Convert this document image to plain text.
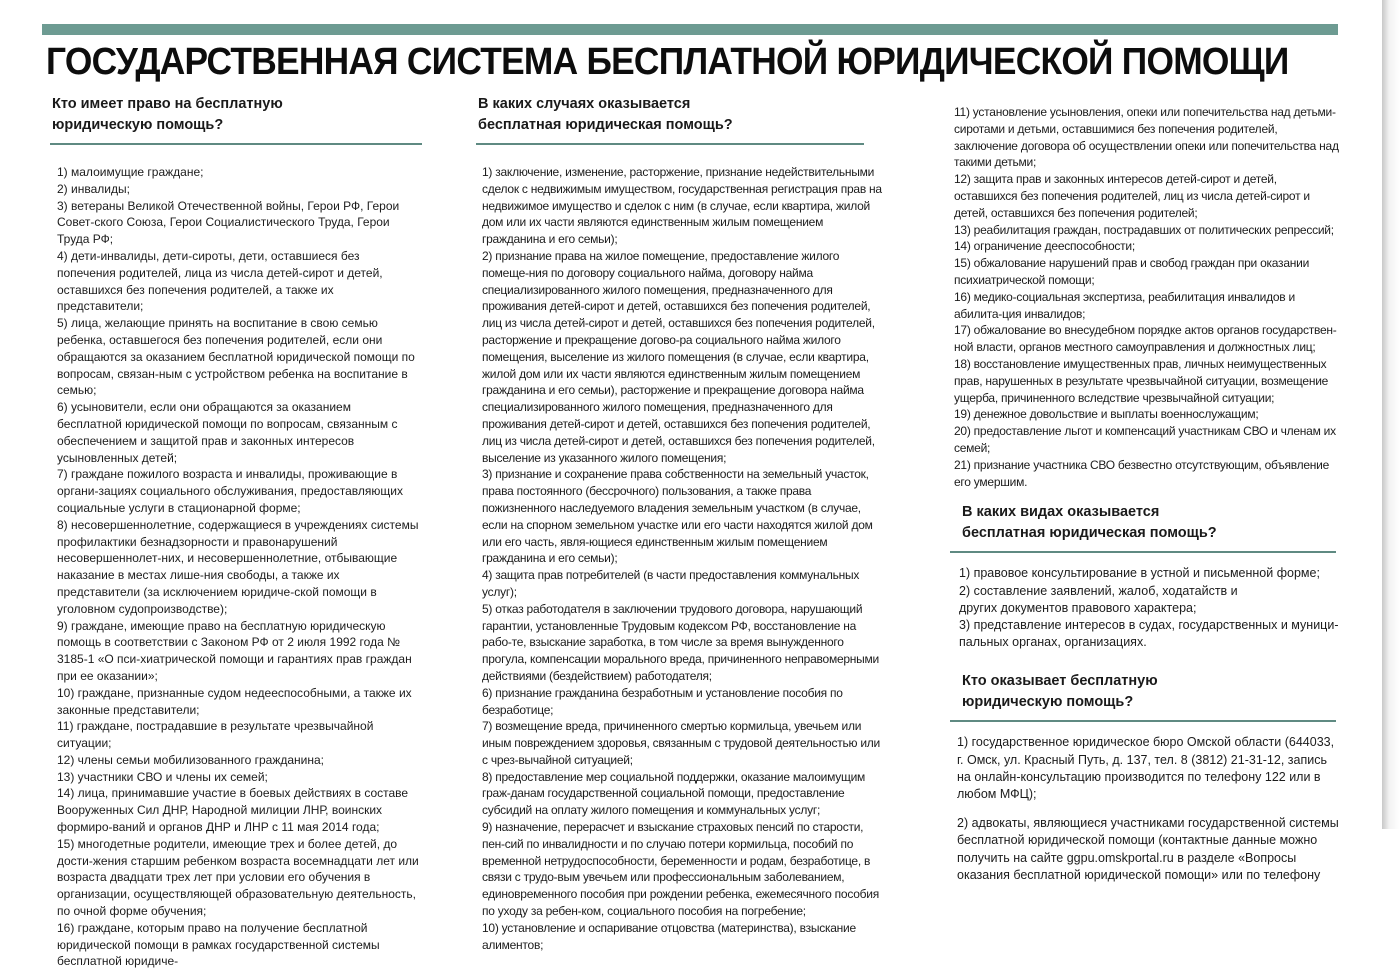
ГОСУДАРСТВЕННАЯ СИСТЕМА БЕСПЛАТНОЙ ЮРИДИЧЕСКОЙ ПОМОЩИ
Кто имеет право на бесплатную
юридическую помощь?
1) малоимущие граждане;
2) инвалиды;
3) ветераны Великой Отечественной войны, Герои РФ, Герои Совет-ского Союза, Герои Социалистического Труда, Герои Труда РФ;
4) дети-инвалиды, дети-сироты, дети, оставшиеся без попечения родителей, лица из числа детей-сирот и детей, оставшихся без попечения родителей, а также их представители;
5) лица, желающие принять на воспитание в свою семью ребенка, оставшегося без попечения родителей, если они обращаются за оказанием бесплатной юридической помощи по вопросам, связан-ным с устройством ребенка на воспитание в семью;
6) усыновители, если они обращаются за оказанием бесплатной юридической помощи по вопросам, связанным с обеспечением и защитой прав и законных интересов усыновленных детей;
7) граждане пожилого возраста и инвалиды, проживающие в органи-зациях социального обслуживания, предоставляющих социальные услуги в стационарной форме;
8) несовершеннолетние, содержащиеся в учреждениях системы профилактики безнадзорности и правонарушений несовершеннолет-них, и несовершеннолетние, отбывающие наказание в местах лише-ния свободы, а также их представители (за исключением юридиче-ской помощи в уголовном судопроизводстве);
9) граждане, имеющие право на бесплатную юридическую помощь в соответствии с Законом РФ от 2 июля 1992 года № 3185-1 «О пси-хиатрической помощи и гарантиях прав граждан при ее оказании»;
10) граждане, признанные судом недееспособными, а также их законные представители;
11) граждане, пострадавшие в результате чрезвычайной ситуации;
12) члены семьи мобилизованного гражданина;
13) участники СВО и члены их семей;
14) лица, принимавшие участие в боевых действиях в составе Вооруженных Сил ДНР, Народной милиции ЛНР, воинских формиро-ваний и органов ДНР и ЛНР с 11 мая 2014 года;
15) многодетные родители, имеющие трех и более детей, до дости-жения старшим ребенком возраста восемнадцати лет или возраста двадцати трех лет при условии его обучения в организации, осуществляющей образовательную деятельность, по очной форме обучения;
16) граждане, которым право на получение бесплатной юридической помощи в рамках государственной системы бесплатной юридиче-
В каких случаях оказывается
бесплатная юридическая помощь?
1) заключение, изменение, расторжение, признание недействительными сделок с недвижимым имуществом, государственная регистрация прав на недвижимое имущество и сделок с ним (в случае, если квартира, жилой дом или их части являются единственным жилым помещением гражданина и его семьи);
2) признание права на жилое помещение, предоставление жилого помеще-ния по договору социального найма, договору найма специализированного жилого помещения, предназначенного для проживания детей-сирот и детей, оставшихся без попечения родителей, лиц из числа детей-сирот и детей, оставшихся без попечения родителей, расторжение и прекращение догово-ра социального найма жилого помещения, выселение из жилого помещения (в случае, если квартира, жилой дом или их части являются единственным жилым помещением гражданина и его семьи), расторжение и прекращение договора найма специализированного жилого помещения, предназначенного для проживания детей-сирот и детей, оставшихся без попечения родителей, лиц из числа детей-сирот и детей, оставшихся без попечения родителей, выселение из указанного жилого помещения;
3) признание и сохранение права собственности на земельный участок, права постоянного (бессрочного) пользования, а также права пожизненного наследуемого владения земельным участком (в случае, если на спорном земельном участке или его части находятся жилой дом или его часть, явля-ющиеся единственным жилым помещением гражданина и его семьи);
4) защита прав потребителей (в части предоставления коммунальных услуг);
5) отказ работодателя в заключении трудового договора, нарушающий гарантии, установленные Трудовым кодексом РФ, восстановление на рабо-те, взыскание заработка, в том числе за время вынужденного прогула, компенсации морального вреда, причиненного неправомерными действиями (бездействием) работодателя;
6) признание гражданина безработным и установление пособия по безработице;
7) возмещение вреда, причиненного смертью кормильца, увечьем или иным повреждением здоровья, связанным с трудовой деятельностью или с чрез-вычайной ситуацией;
8) предоставление мер социальной поддержки, оказание малоимущим граж-данам государственной социальной помощи, предоставление субсидий на оплату жилого помещения и коммунальных услуг;
9) назначение, перерасчет и взыскание страховых пенсий по старости, пен-сий по инвалидности и по случаю потери кормильца, пособий по временной нетрудоспособности, беременности и родам, безработице, в связи с трудо-вым увечьем или профессиональным заболеванием, единовременного пособия при рождении ребенка, ежемесячного пособия по уходу за ребен-ком, социального пособия на погребение;
10) установление и оспаривание отцовства (материнства), взыскание алиментов;
11) установление усыновления, опеки или попечительства над детьми-сиротами и детьми, оставшимися без попечения родителей, заключение договора об осуществлении опеки или попечительства над
такими детьми;
12) защита прав и законных интересов детей-сирот и детей, оставшихся без попечения родителей, лиц из числа детей-сирот и детей, оставшихся без попечения родителей;
13) реабилитация граждан, пострадавших от политических репрессий;
14) ограничение дееспособности;
15) обжалование нарушений прав и свобод граждан при оказании психиатрической помощи;
16) медико-социальная экспертиза, реабилитация инвалидов и абилита-ция инвалидов;
17) обжалование во внесудебном порядке актов органов государствен-ной власти, органов местного самоуправления и должностных лиц;
18) восстановление имущественных прав, личных неимущественных прав, нарушенных в результате чрезвычайной ситуации, возмещение ущерба, причиненного вследствие чрезвычайной ситуации;
19) денежное довольствие и выплаты военнослужащим;
20) предоставление льгот и компенсаций участникам СВО и членам их семей;
21) признание участника СВО безвестно отсутствующим, объявление его умершим.
В каких видах оказывается
бесплатная юридическая помощь?
1) правовое консультирование в устной и письменной форме;
2) составление заявлений, жалоб, ходатайств и
других документов правового характера;
3) представление интересов в судах, государственных и муници-пальных органах, организациях.
Кто оказывает бесплатную
юридическую помощь?
1) государственное юридическое бюро Омской области (644033, г. Омск, ул. Красный Путь, д. 137, тел. 8 (3812) 21-31-12, запись на онлайн-консультацию производится по телефону 122 или в любом МФЦ);
2) адвокаты, являющиеся участниками государственной системы бесплатной юридической помощи (контактные данные можно получить на сайте ggpu.omskportal.ru в разделе «Вопросы оказания бесплатной юридической помощи» или по телефону
